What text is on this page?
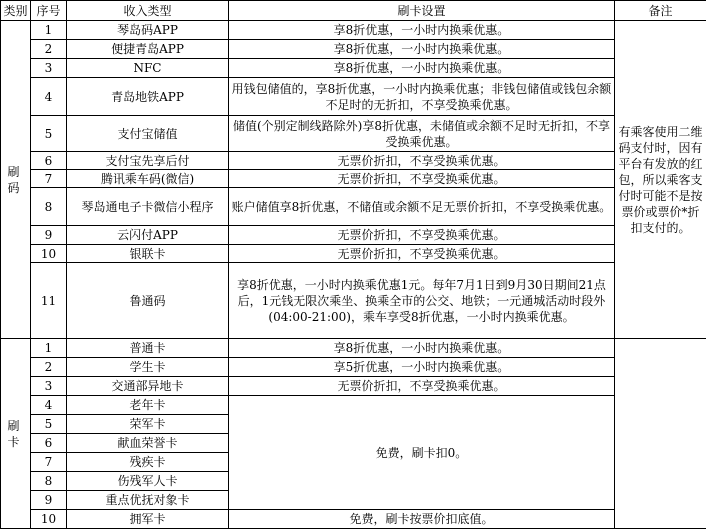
类别	序号	收入类型	刷卡设置	备注
刷码	1	琴岛码APP	享8折优惠，一小时内换乘优惠。	有乘客使用二维码支付时，因有平台有发放的红包，所以乘客支付时可能不是按票价或票价*折扣支付的。
	2	便捷青岛APP	享8折优惠，一小时内换乘优惠。	
	3	NFC	享8折优惠，一小时内换乘优惠。	
	4	青岛地铁APP	用钱包储值的，享8折优惠，一小时内换乘优惠；非钱包储值或钱包余额不足时的无折扣，不享受换乘优惠。	
	5	支付宝储值	储值(个别定制线路除外)享8折优惠，未储值或余额不足时无折扣，不享受换乘优惠。	
	6	支付宝先享后付	无票价折扣，不享受换乘优惠。	
	7	腾讯乘车码(微信)	无票价折扣，不享受换乘优惠。	
	8	琴岛通电子卡微信小程序	账户储值享8折优惠，不储值或余额不足无票价折扣，不享受换乘优惠。	
	9	云闪付APP	无票价折扣，不享受换乘优惠。	
	10	银联卡	无票价折扣，不享受换乘优惠。	
	11	鲁通码	享8折优惠，一小时内换乘优惠1元。每年7月1日到9月30日期间21点后，1元钱无限次乘坐、换乘全市的公交、地铁；一元通城活动时段外(04:00-21:00)，乘车享受8折优惠，一小时内换乘优惠。	
刷卡	1	普通卡	享8折优惠，一小时内换乘优惠。	
	2	学生卡	享5折优惠，一小时内换乘优惠。	
	3	交通部异地卡	无票价折扣，不享受换乘优惠。	
	4	老年卡	免费，刷卡扣0。	
	5	荣军卡		
	6	献血荣誉卡		
	7	残疾卡		
	8	伤残军人卡		
	9	重点优抚对象卡		
	10	拥军卡	免费，刷卡按票价扣底值。	
